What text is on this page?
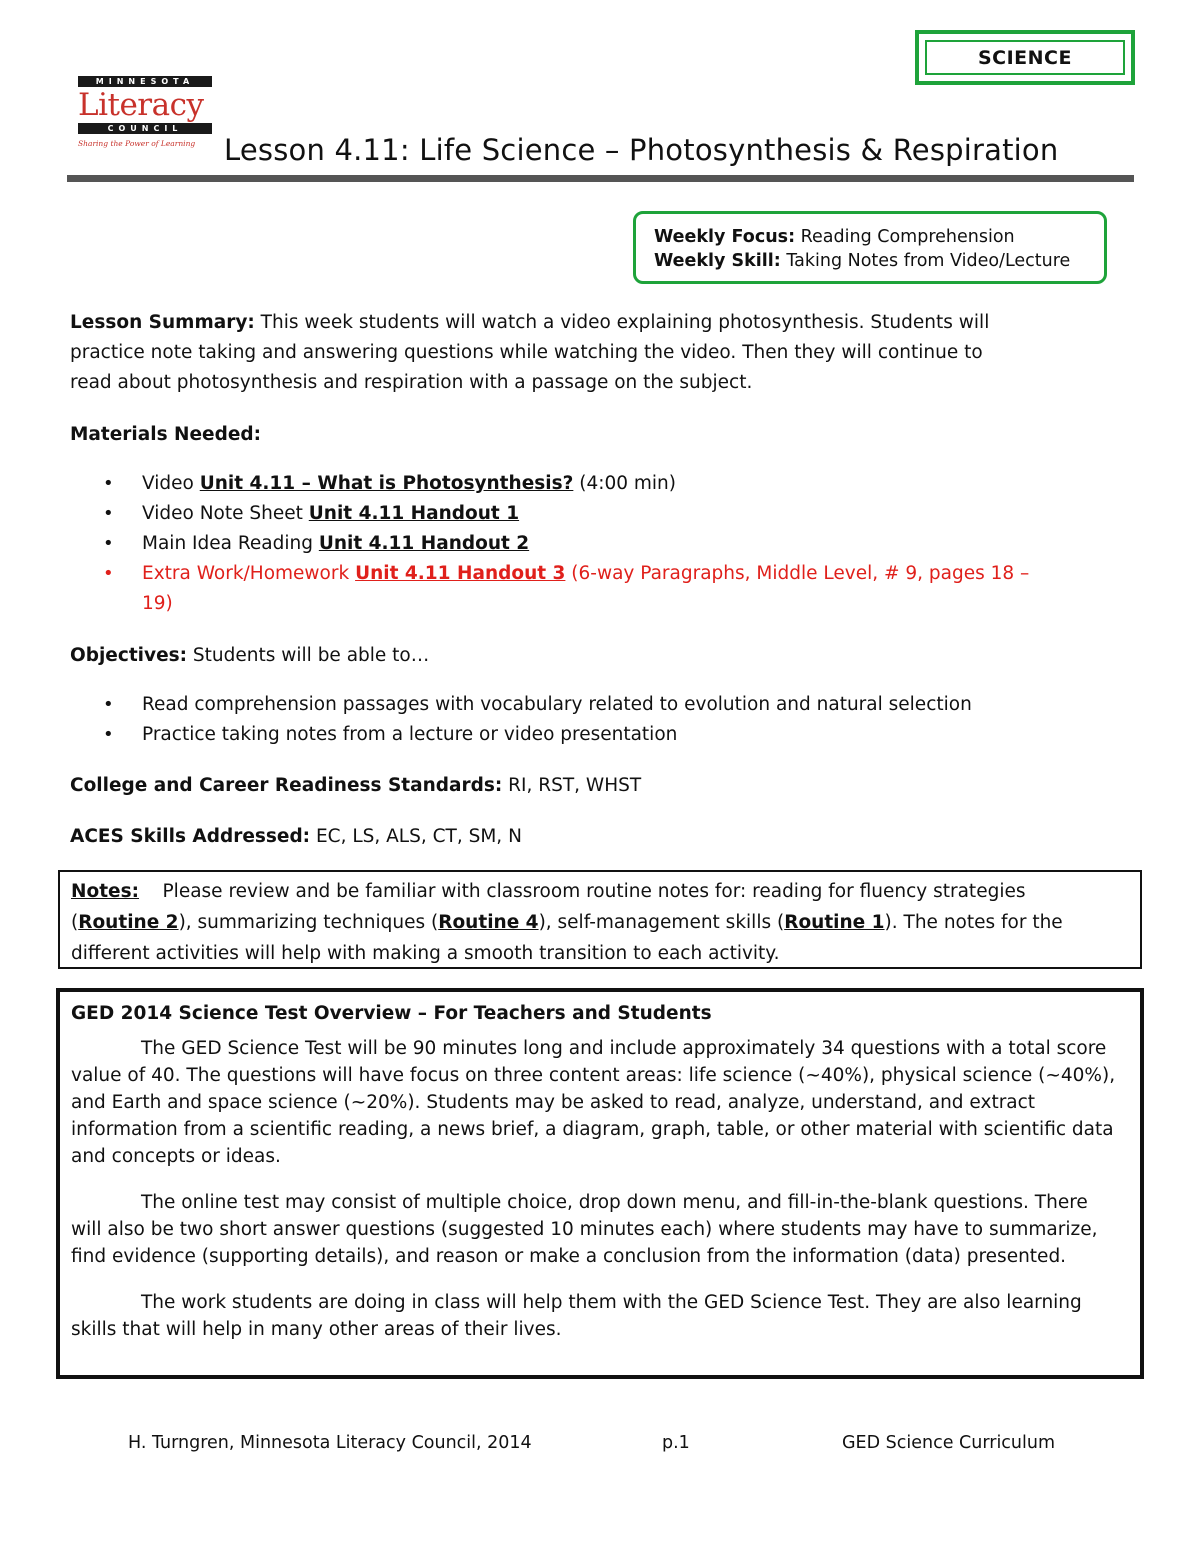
SCIENCE
MINNESOTA
Literacy
COUNCIL
Sharing the Power of Learning Lesson 4.11: Life Science – Photosynthesis & Respiration
Weekly Focus: Reading Comprehension
Weekly Skill: Taking Notes from Video/Lecture
Lesson Summary: This week students will watch a video explaining photosynthesis. Students will
practice note taking and answering questions while watching the video. Then they will continue to
read about photosynthesis and respiration with a passage on the subject.
Materials Needed:
• Video Unit 4.11 – What is Photosynthesis? (4:00 min)
• Video Note Sheet Unit 4.11 Handout 1
• Main Idea Reading Unit 4.11 Handout 2
• Extra Work/Homework Unit 4.11 Handout 3 (6-way Paragraphs, Middle Level, # 9, pages 18 –
19)
Objectives: Students will be able to…
• Read comprehension passages with vocabulary related to evolution and natural selection
• Practice taking notes from a lecture or video presentation
College and Career Readiness Standards: RI, RST, WHST
ACES Skills Addressed: EC, LS, ALS, CT, SM, N
Notes:    Please review and be familiar with classroom routine notes for: reading for fluency strategies
(Routine 2), summarizing techniques (Routine 4), self-management skills (Routine 1). The notes for the
different activities will help with making a smooth transition to each activity.

GED 2014 Science Test Overview – For Teachers and Students

The GED Science Test will be 90 minutes long and include approximately 34 questions with a total score value of 40. The questions will have focus on three content areas: life science (~40%), physical science (~40%), and Earth and space science (~20%). Students may be asked to read, analyze, understand, and extract information from a scientific reading, a news brief, a diagram, graph, table, or other material with scientific data and concepts or ideas.

The online test may consist of multiple choice, drop down menu, and fill-in-the-blank questions. There will also be two short answer questions (suggested 10 minutes each) where students may have to summarize, find evidence (supporting details), and reason or make a conclusion from the information (data) presented.

The work students are doing in class will help them with the GED Science Test. They are also learning skills that will help in many other areas of their lives.

H. Turngren, Minnesota Literacy Council, 2014	p.1	GED Science Curriculum
